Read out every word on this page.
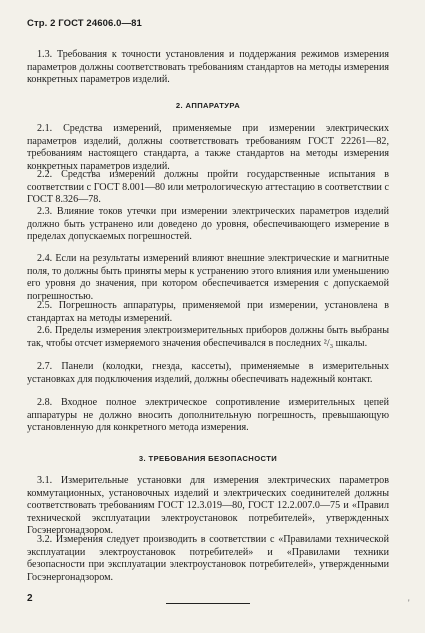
Стр. 2 ГОСТ 24606.0—81

1.3. Требования к точности установления и поддержания режимов измерения параметров должны соответствовать требованиям стандартов на методы измерения конкретных параметров изделий.

2. АППАРАТУРА

2.1. Средства измерений, применяемые при измерении электрических параметров изделий, должны соответствовать требованиям ГОСТ 22261—82, требованиям настоящего стандарта, а также стандартов на методы измерения конкретных параметров изделий.

2.2. Средства измерений должны пройти государственные испытания в соответствии с ГОСТ 8.001—80 или метрологическую аттестацию в соответствии с ГОСТ 8.326—78.

2.3. Влияние токов утечки при измерении электрических параметров изделий должно быть устранено или доведено до уровня, обеспечивающего измерение в пределах допускаемых погрешностей.

2.4. Если на результаты измерений влияют внешние электрические и магнитные поля, то должны быть приняты меры к устранению этого влияния или уменьшению его уровня до значения, при котором обеспечивается измерения с допускаемой погрешностью.

2.5. Погрешность аппаратуры, применяемой при измерении, установлена в стандартах на методы измерений.

2.6. Пределы измерения электроизмерительных приборов должны быть выбраны так, чтобы отсчет измеряемого значения обеспечивался в последних ²/₃ шкалы.

2.7. Панели (колодки, гнезда, кассеты), применяемые в измерительных установках для подключения изделий, должны обеспечивать надежный контакт.

2.8. Входное полное электрическое сопротивление измерительных цепей аппаратуры не должно вносить дополнительную погрешность, превышающую установленную для конкретного метода измерения.

3. ТРЕБОВАНИЯ БЕЗОПАСНОСТИ

3.1. Измерительные установки для измерения электрических параметров коммутационных, установочных изделий и электрических соединителей должны соответствовать требованиям ГОСТ 12.3.019—80, ГОСТ 12.2.007.0—75 и «Правил технической эксплуатации электроустановок потребителей», утвержденных Госэнергонадзором.

3.2. Измерения следует производить в соответствии с «Правилами технической эксплуатации электроустановок потребителей» и «Правилами техники безопасности при эксплуатации электроустановок потребителей», утвержденными Госэнергонадзором.

2	'
